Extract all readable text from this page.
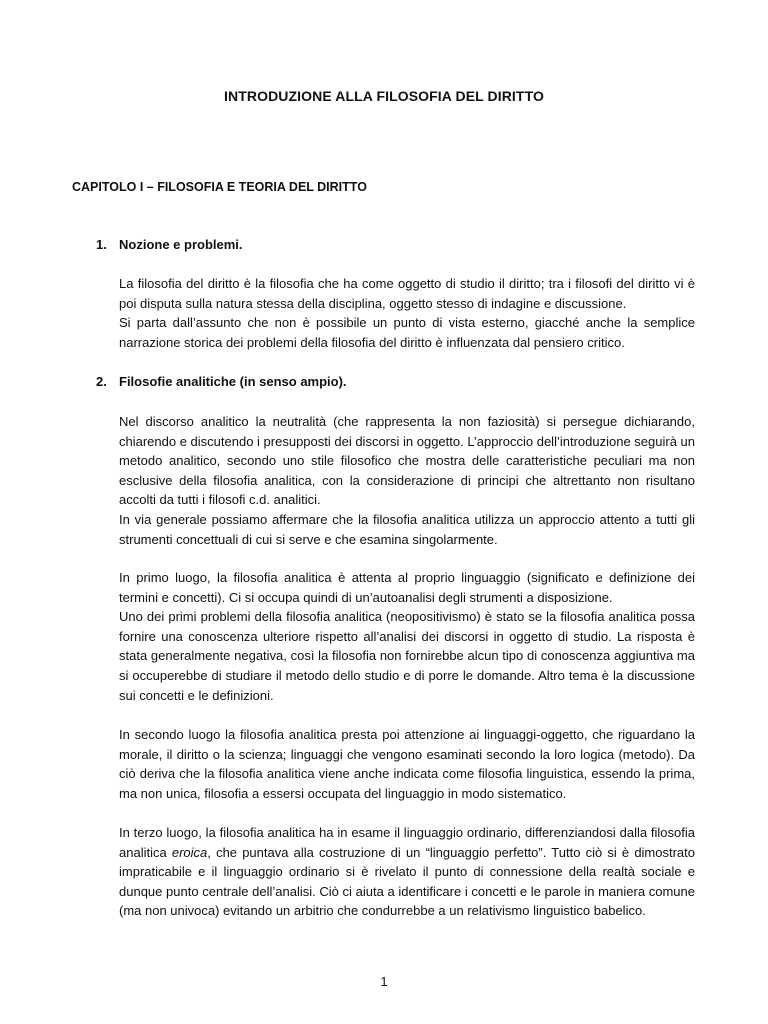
INTRODUZIONE ALLA FILOSOFIA DEL DIRITTO
CAPITOLO I – FILOSOFIA E TEORIA DEL DIRITTO
1. Nozione e problemi.

La filosofia del diritto è la filosofia che ha come oggetto di studio il diritto; tra i filosofi del diritto vi è poi disputa sulla natura stessa della disciplina, oggetto stesso di indagine e discussione.

Si parta dall’assunto che non è possibile un punto di vista esterno, giacché anche la semplice narrazione storica dei problemi della filosofia del diritto è influenzata dal pensiero critico.

2. Filosofie analitiche (in senso ampio).

Nel discorso analitico la neutralità (che rappresenta la non faziosità) si persegue dichiarando, chiarendo e discutendo i presupposti dei discorsi in oggetto. L’approccio dell’introduzione seguirà un metodo analitico, secondo uno stile filosofico che mostra delle caratteristiche peculiari ma non esclusive della filosofia analitica, con la considerazione di principi che altrettanto non risultano accolti da tutti i filosofi c.d. analitici.

In via generale possiamo affermare che la filosofia analitica utilizza un approccio attento a tutti gli strumenti concettuali di cui si serve e che esamina singolarmente.

In primo luogo, la filosofia analitica è attenta al proprio linguaggio (significato e definizione dei termini e concetti). Ci si occupa quindi di un’autoanalisi degli strumenti a disposizione.

Uno dei primi problemi della filosofia analitica (neopositivismo) è stato se la filosofia analitica possa fornire una conoscenza ulteriore rispetto all’analisi dei discorsi in oggetto di studio. La risposta è stata generalmente negativa, così la filosofia non fornirebbe alcun tipo di conoscenza aggiuntiva ma si occuperebbe di studiare il metodo dello studio e di porre le domande. Altro tema è la discussione sui concetti e le definizioni.

In secondo luogo la filosofia analitica presta poi attenzione ai linguaggi-oggetto, che riguardano la morale, il diritto o la scienza; linguaggi che vengono esaminati secondo la loro logica (metodo). Da ciò deriva che la filosofia analitica viene anche indicata come filosofia linguistica, essendo la prima, ma non unica, filosofia a essersi occupata del linguaggio in modo sistematico.

In terzo luogo, la filosofia analitica ha in esame il linguaggio ordinario, differenziandosi dalla filosofia analitica eroica, che puntava alla costruzione di un “linguaggio perfetto”. Tutto ciò si è dimostrato impraticabile e il linguaggio ordinario si è rivelato il punto di connessione della realtà sociale e dunque punto centrale dell’analisi. Ciò ci aiuta a identificare i concetti e le parole in maniera comune (ma non univoca) evitando un arbitrio che condurrebbe a un relativismo linguistico babelico.

1
